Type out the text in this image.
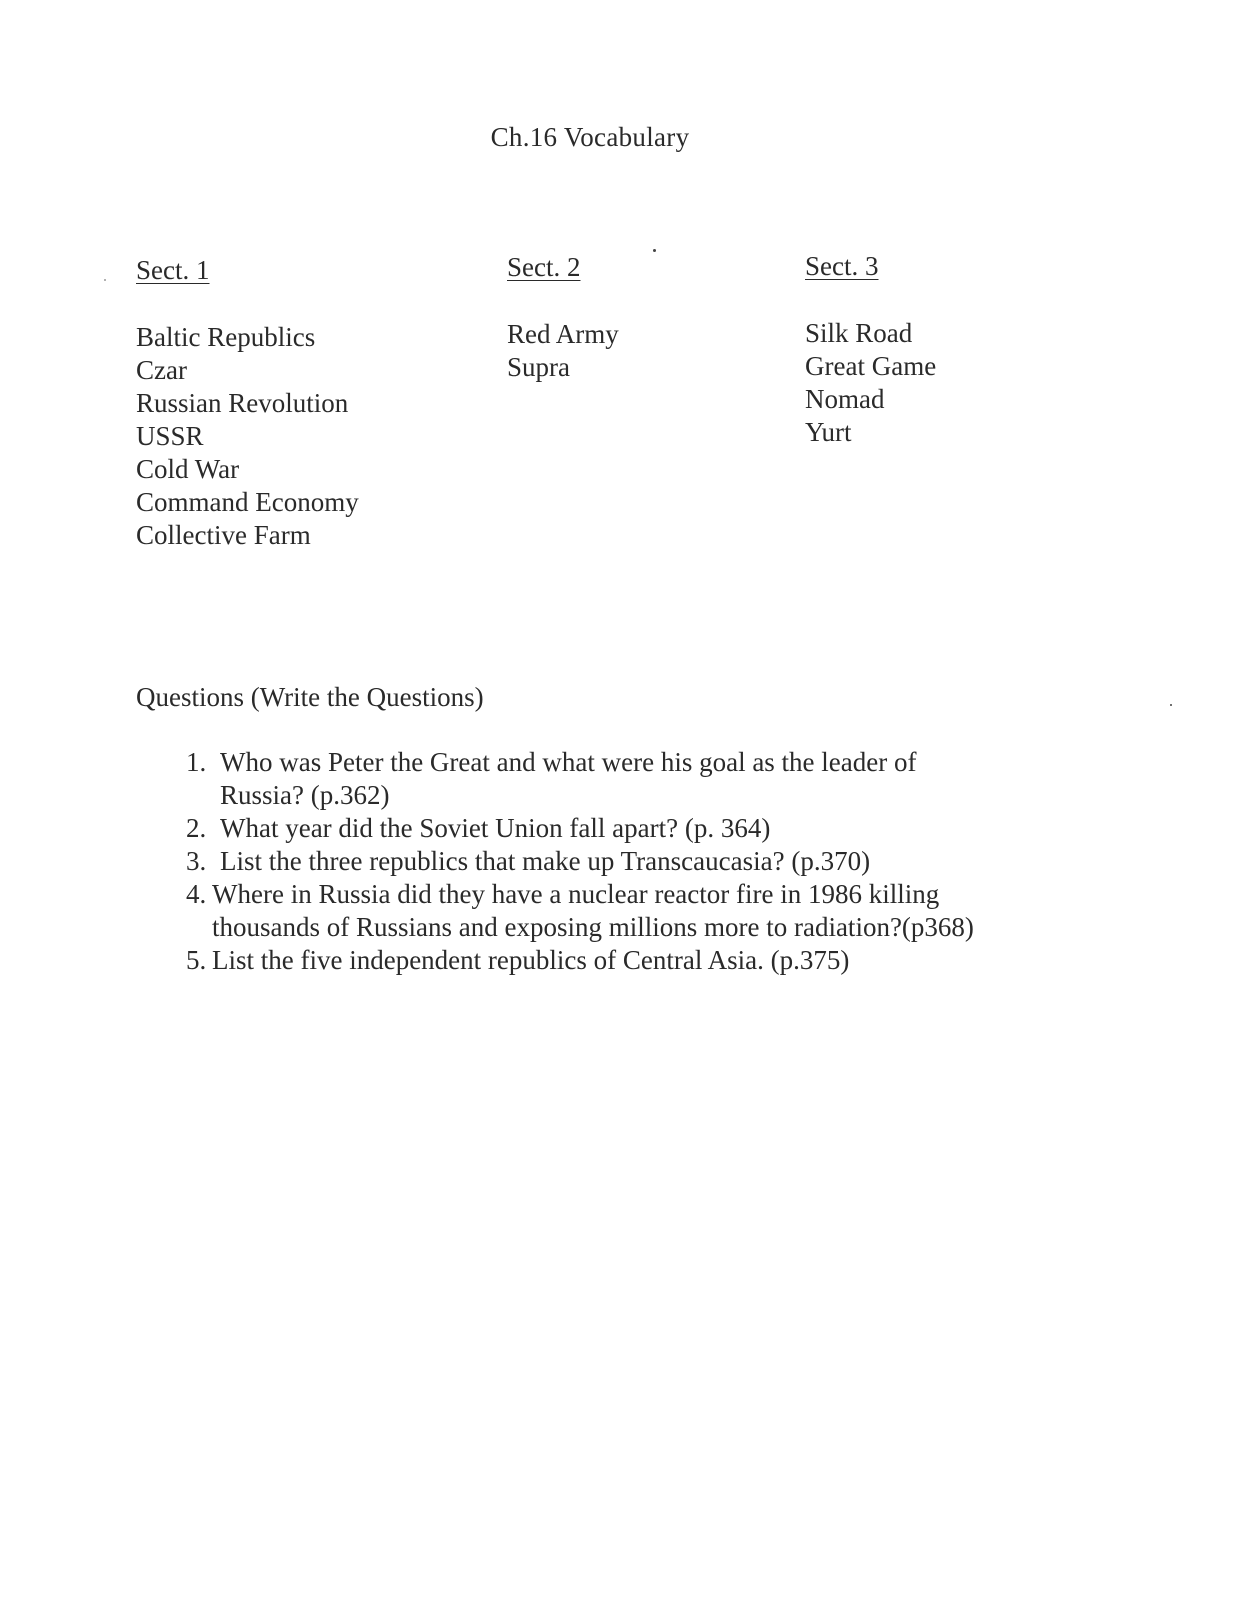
Ch.16 Vocabulary
Sect. 1
Baltic Republics
Czar
Russian Revolution
USSR
Cold War
Command Economy
Collective Farm
Sect. 2
Red Army
Supra
Sect. 3
Silk Road
Great Game
Nomad
Yurt
Questions (Write the Questions)
1. Who was Peter the Great and what were his goal as the leader of
Russia? (p.362)
2. What year did the Soviet Union fall apart? (p. 364)
3. List the three republics that make up Transcaucasia? (p.370)
4. Where in Russia did they have a nuclear reactor fire in 1986 killing
thousands of Russians and exposing millions more to radiation?(p368)
5. List the five independent republics of Central Asia. (p.375)
